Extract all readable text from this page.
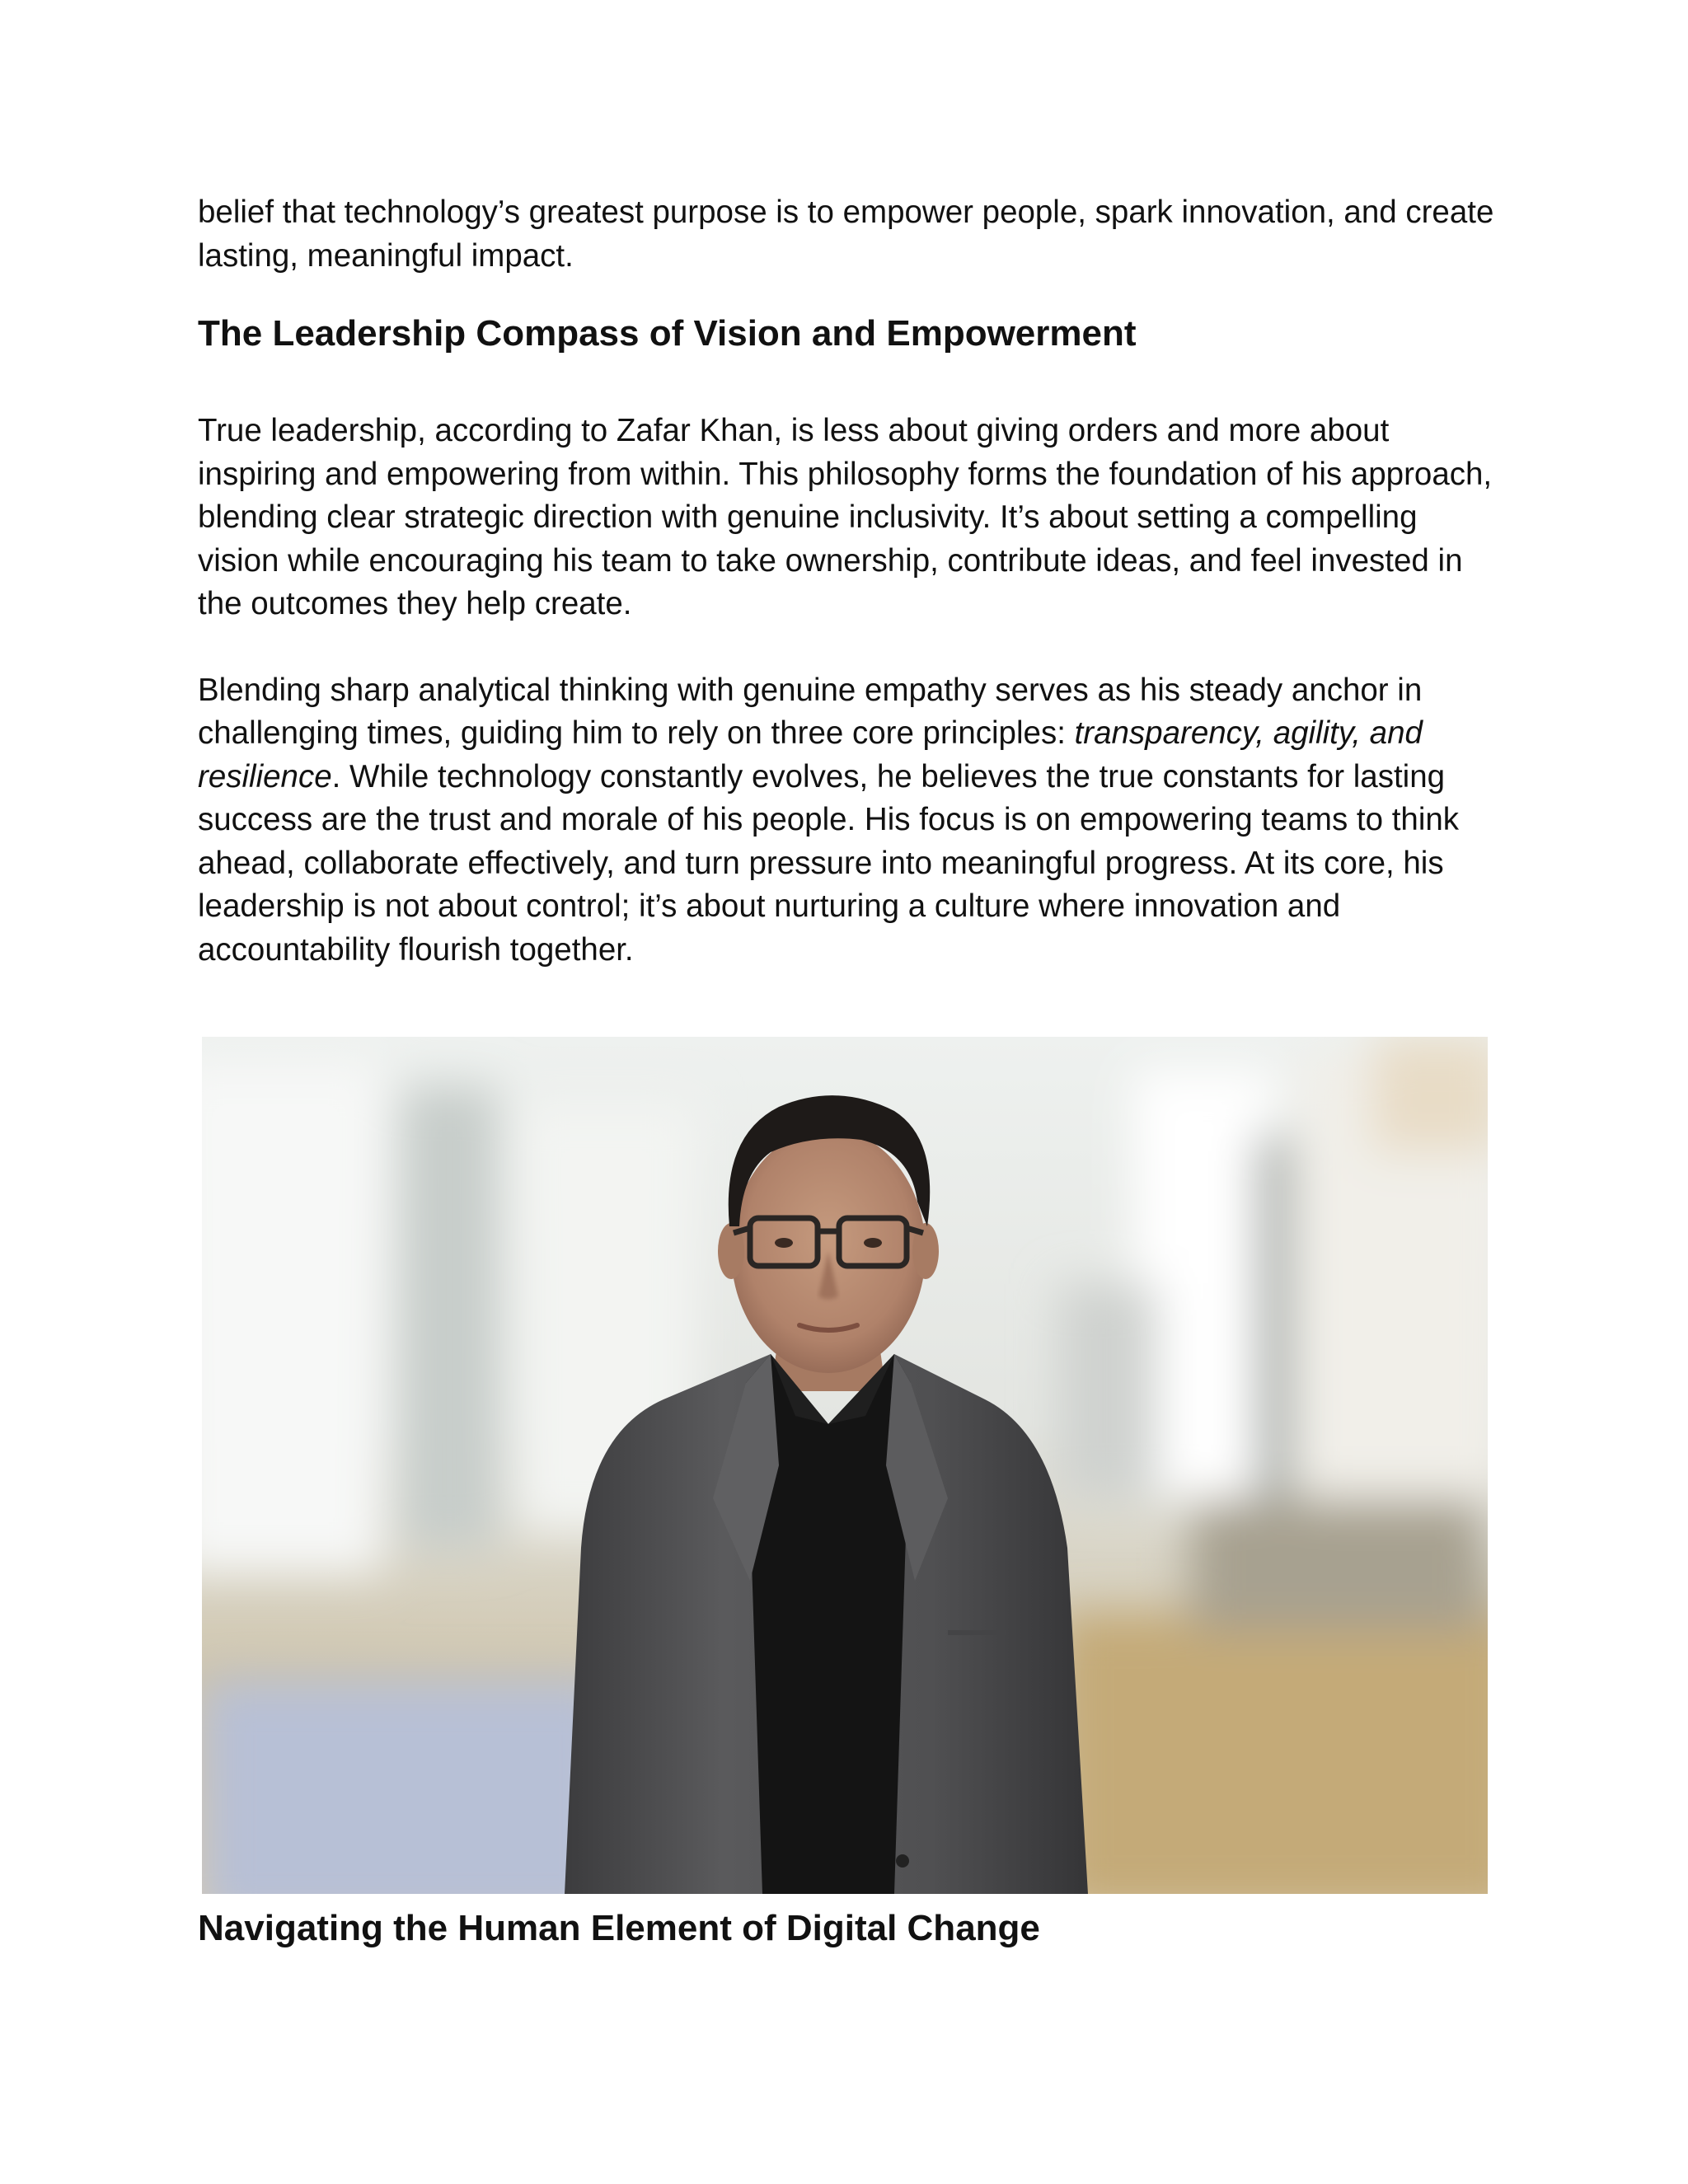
belief that technology’s greatest purpose is to empower people, spark innovation, and create lasting, meaningful impact.

The Leadership Compass of Vision and Empowerment

True leadership, according to Zafar Khan, is less about giving orders and more about inspiring and empowering from within. This philosophy forms the foundation of his approach, blending clear strategic direction with genuine inclusivity. It’s about setting a compelling vision while encouraging his team to take ownership, contribute ideas, and feel invested in the outcomes they help create.

Blending sharp analytical thinking with genuine empathy serves as his steady anchor in challenging times, guiding him to rely on three core principles: transparency, agility, and resilience. While technology constantly evolves, he believes the true constants for lasting success are the trust and morale of his people. His focus is on empowering teams to think ahead, collaborate effectively, and turn pressure into meaningful progress. At its core, his leadership is not about control; it’s about nurturing a culture where innovation and accountability flourish together.

Navigating the Human Element of Digital Change
